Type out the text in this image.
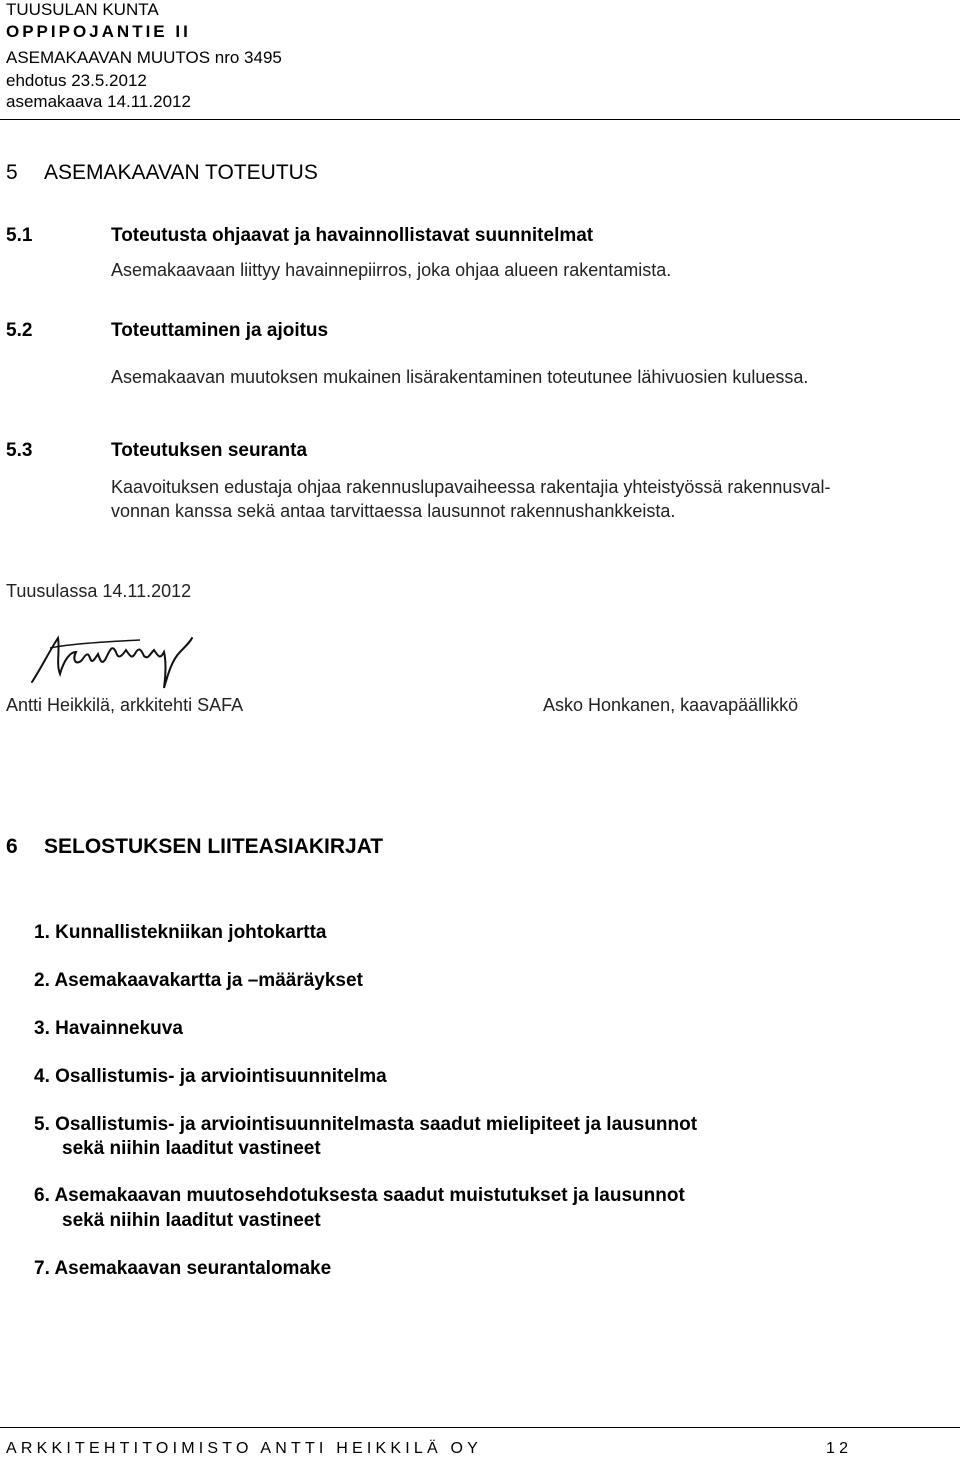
TUUSULAN KUNTA
OPPIPOJANTIE II
ASEMAKAAVAN MUUTOS nro 3495
ehdotus 23.5.2012
asemakaava 14.11.2012
5 ASEMAKAAVAN TOTEUTUS
5.1	Toteutusta ohjaavat ja havainnollistavat suunnitelmat
Asemakaavaan liittyy havainnepiirros, joka ohjaa alueen rakentamista.
5.2	Toteuttaminen ja ajoitus
Asemakaavan muutoksen mukainen lisärakentaminen toteutunee lähivuosien kuluessa.
5.3	Toteutuksen seuranta
Kaavoituksen edustaja ohjaa rakennuslupavaiheessa rakentajia yhteistyössä rakennusval-
vonnan kanssa sekä antaa tarvittaessa lausunnot rakennushankkeista.
Tuusulassa 14.11.2012
Antti Heikkilä, arkkitehti SAFA	Asko Honkanen, kaavapäällikkö
6 SELOSTUKSEN LIITEASIAKIRJAT
1. Kunnallistekniikan johtokartta
2. Asemakaavakartta ja –määräykset
3. Havainnekuva
4. Osallistumis- ja arviointisuunnitelma
5. Osallistumis- ja arviointisuunnitelmasta saadut mielipiteet ja lausunnot
sekä niihin laaditut vastineet
6. Asemakaavan muutosehdotuksesta saadut muistutukset ja lausunnot
sekä niihin laaditut vastineet
7. Asemakaavan seurantalomake
ARKKITEHTITOIMISTO ANTTI HEIKKILÄ OY	12
